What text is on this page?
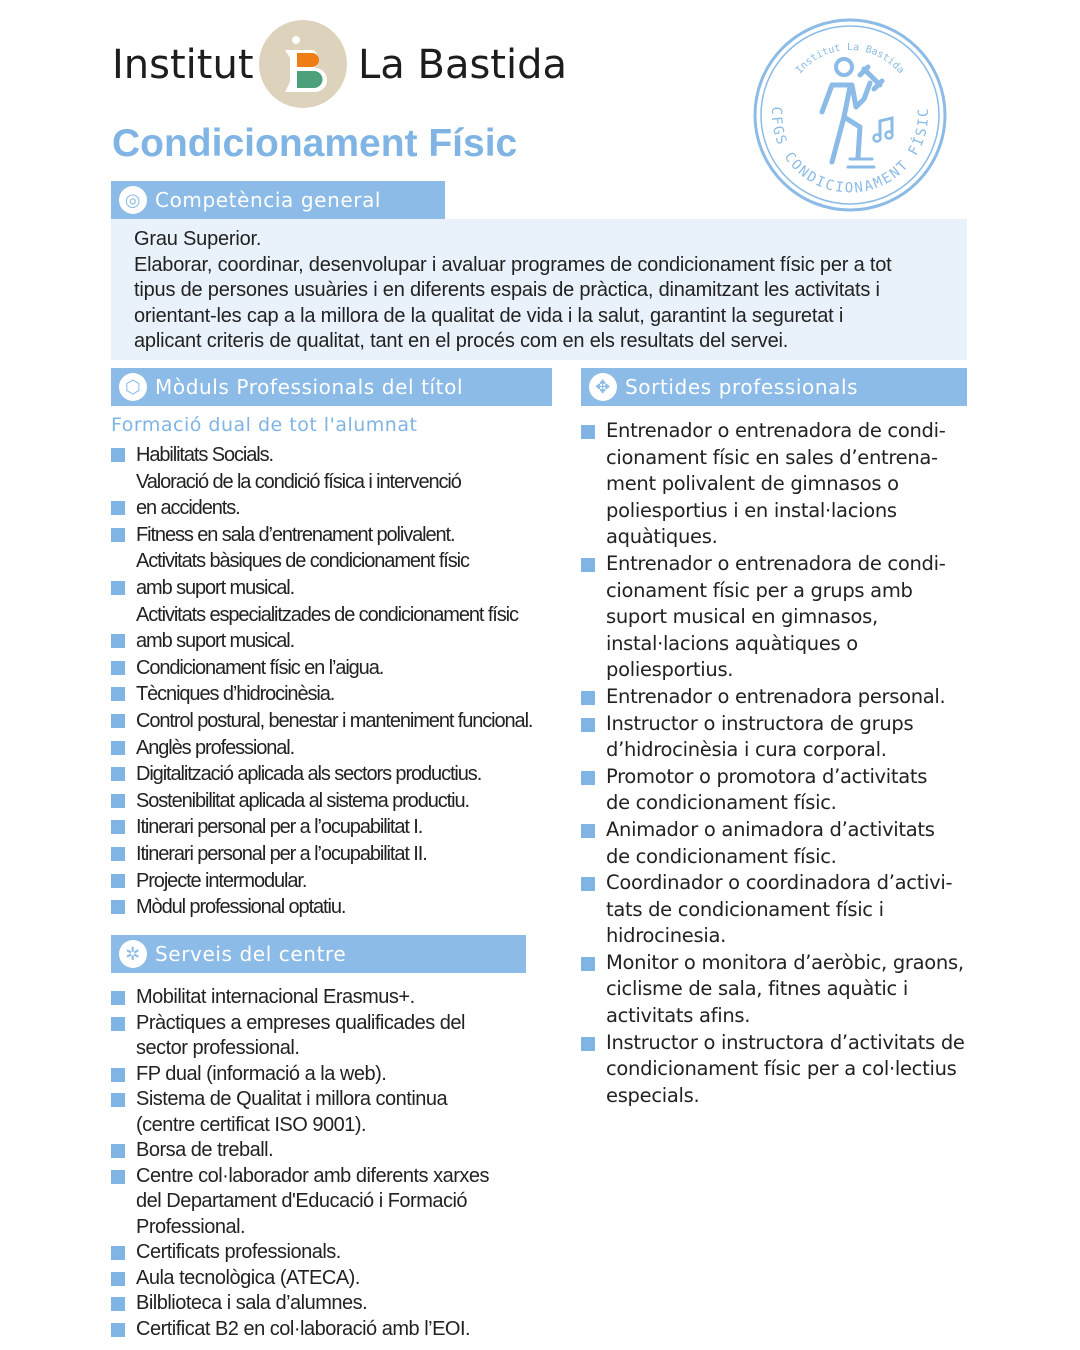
Institut	La Bastida
Condicionament Físic
Institut La Bastida
CFGS CONDICIONAMENT FÍSIC
◎ Competència general
Grau Superior.
Elaborar, coordinar, desenvolupar i avaluar programes de condicionament físic per a tot
tipus de persones usuàries i en diferents espais de pràctica, dinamitzant les activitats i
orientant-les cap a la millora de la qualitat de vida i la salut, garantint la seguretat i
aplicant criteris de qualitat, tant en el procés com en els resultats del servei.
⬡ Mòduls Professionals del títol
Formació dual de tot l'alumnat
Habilitats Socials.
Valoració de la condició física i intervenció
en accidents.
Fitness en sala d’entrenament polivalent.
Activitats bàsiques de condicionament físic
amb suport musical.
Activitats especialitzades de condicionament físic
amb suport musical.
Condicionament físic en l’aigua.
Tècniques d’hidrocinèsia.
Control postural, benestar i manteniment funcional.
Anglès professional.
Digitalització aplicada als sectors productius.
Sostenibilitat aplicada al sistema productiu.
Itinerari personal per a l’ocupabilitat I.
Itinerari personal per a l’ocupabilitat II.
Projecte intermodular.
Mòdul professional optatiu.
✲ Serveis del centre
Mobilitat internacional Erasmus+.
Pràctiques a empreses qualificades del
sector professional.
FP dual (informació a la web).
Sistema de Qualitat i millora continua
(centre certificat ISO 9001).
Borsa de treball.
Centre col·laborador amb diferents xarxes
del Departament d'Educació i Formació
Professional.
Certificats professionals.
Aula tecnològica (ATECA).
Bilblioteca i sala d’alumnes.
Certificat B2 en col·laboració amb l’EOI.
✥ Sortides professionals
Entrenador o entrenadora de condi-
cionament físic en sales d’entrena-
ment polivalent de gimnasos o
poliesportius i en instal·lacions
aquàtiques.
Entrenador o entrenadora de condi-
cionament físic per a grups amb
suport musical en gimnasos,
instal·lacions aquàtiques o
poliesportius.
Entrenador o entrenadora personal.
Instructor o instructora de grups
d’hidrocinèsia i cura corporal.
Promotor o promotora d’activitats
de condicionament físic.
Animador o animadora d’activitats
de condicionament físic.
Coordinador o coordinadora d’activi-
tats de condicionament físic i
hidrocinesia.
Monitor o monitora d’aeròbic, graons,
ciclisme de sala, fitnes aquàtic i
activitats afins.
Instructor o instructora d’activitats de
condicionament físic per a col·lectius
especials.
